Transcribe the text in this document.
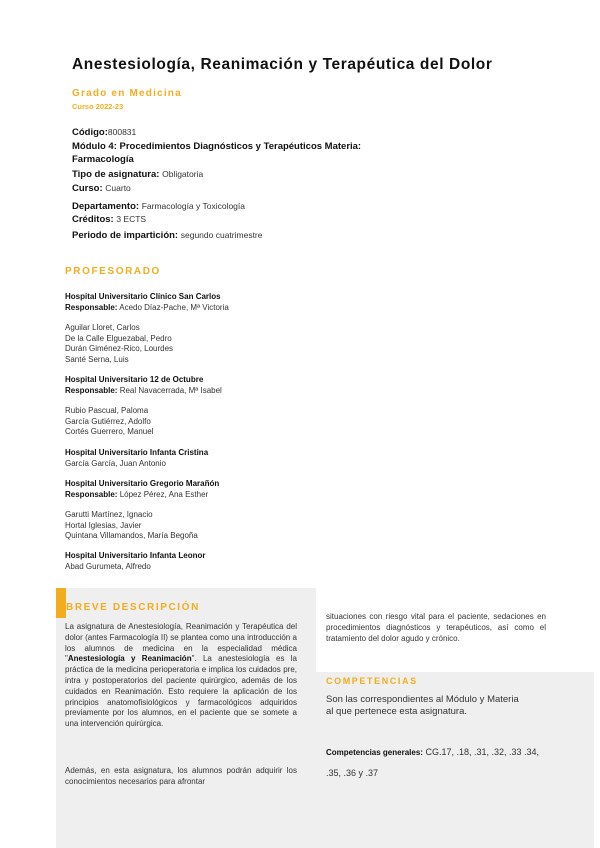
Anestesiología, Reanimación y Terapéutica del Dolor
Grado en Medicina
Curso 2022-23
Código:800831
Módulo 4: Procedimientos Diagnósticos y Terapéuticos Materia:
Farmacología
Tipo de asignatura: Obligatoria
Curso: Cuarto
Departamento: Farmacología y Toxicología
Créditos: 3 ECTS
Periodo de impartición: segundo cuatrimestre
PROFESORADO
Hospital Universitario Clínico San Carlos
Responsable: Acedo Díaz-Pache, Mª Victoria
Aguilar Lloret, Carlos
De la Calle Elguezabal, Pedro
Durán Giménez-Rico, Lourdes
Santé Serna, Luis
Hospital Universitario 12 de Octubre
Responsable: Real Navacerrada, Mª Isabel
Rubio Pascual, Paloma
García Gutiérrez, Adolfo
Cortés Guerrero, Manuel
Hospital Universitario Infanta Cristina
García García, Juan Antonio
Hospital Universitario Gregorio Marañón
Responsable: López Pérez, Ana Esther
Garutti Martínez, Ignacio
Hortal Iglesias, Javier
Quintana Villamandos, María Begoña
Hospital Universitario Infanta Leonor
Abad Gurumeta, Alfredo
BREVE DESCRIPCIÓN
La asignatura de Anestesiología, Reanimación y Terapéutica del dolor (antes Farmacología II) se plantea como una introducción a los alumnos de medicina en la especialidad médica "Anestesiología y Reanimación". La anestesiología es la práctica de la medicina perioperatoria e implica los cuidados pre, intra y postoperatorios del paciente quirúrgico, además de los cuidados en Reanimación. Esto requiere la aplicación de los principios anatomofisiológicos y farmacológicos adquiridos previamente por los alumnos, en el paciente que se somete a una intervención quirúrgica.
Además, en esta asignatura, los alumnos podrán adquirir los conocimientos necesarios para afrontar
situaciones con riesgo vital para el paciente, sedaciones en procedimientos diagnósticos y terapéuticos, así como el tratamiento del dolor agudo y crónico.
COMPETENCIAS
Son las correspondientes al Módulo y Materia al que pertenece esta asignatura.
Competencias generales: CG.17, .18, .31, .32, .33 .34, .35, .36 y .37
